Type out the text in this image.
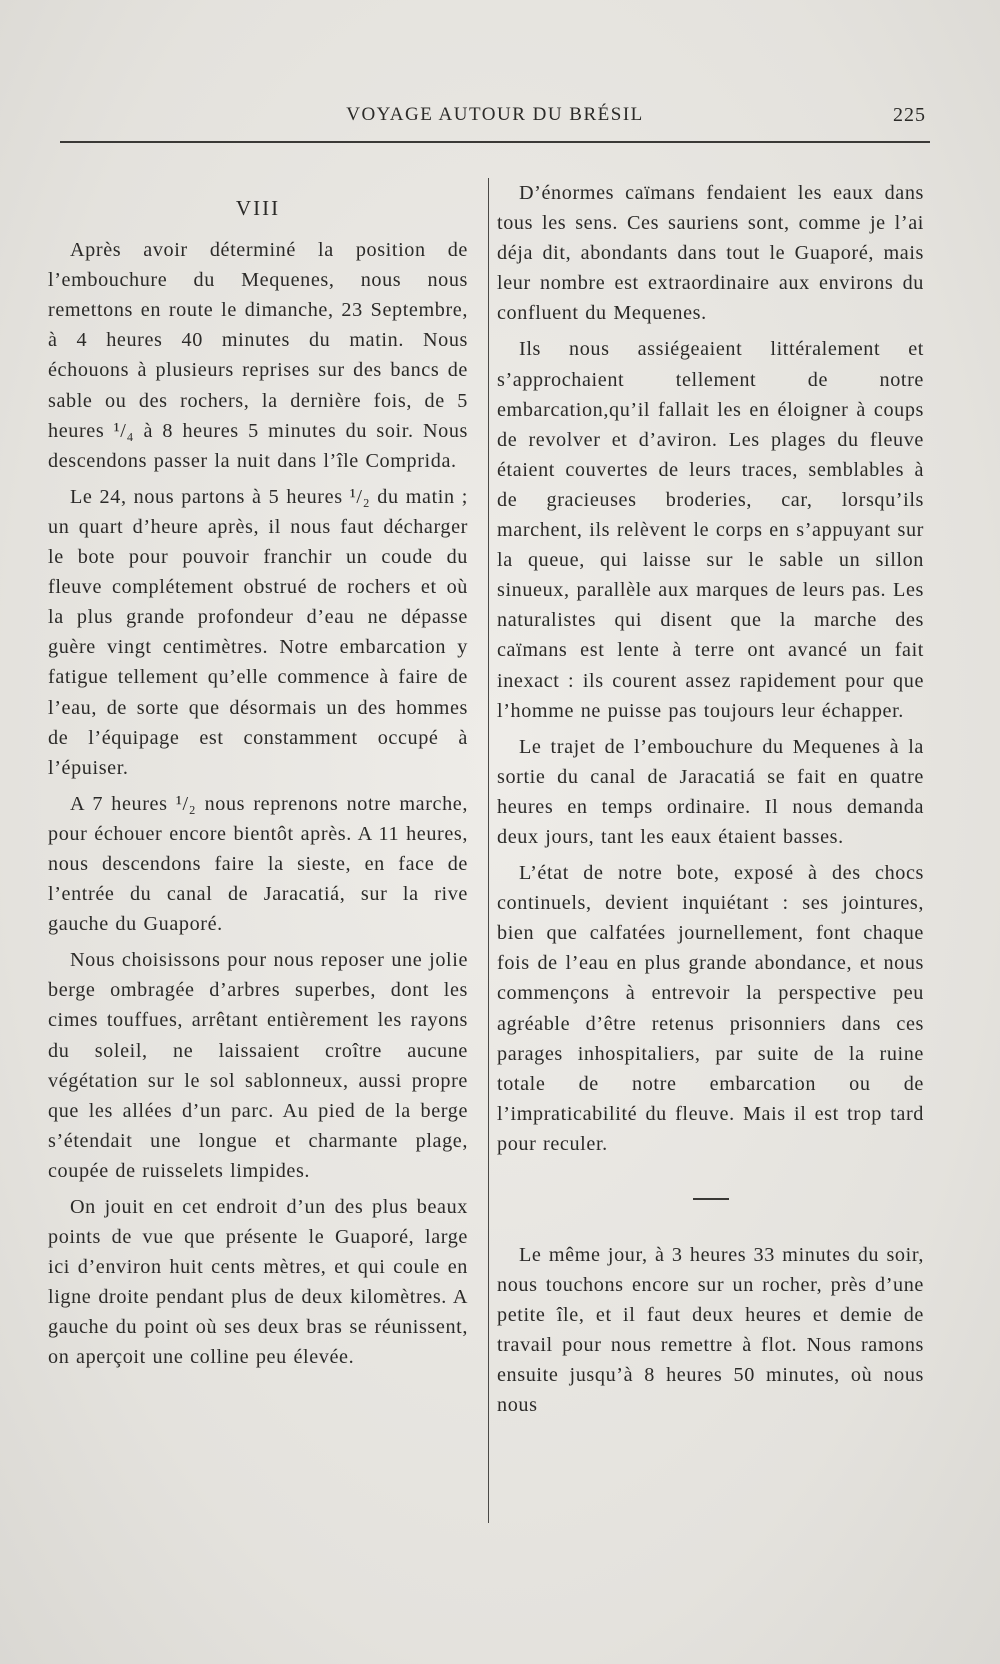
VOYAGE AUTOUR DU BRÉSIL	225
VIII

Après avoir déterminé la position de l’embouchure du Mequenes, nous nous remettons en route le dimanche, 23 Septembre, à 4 heures 40 minutes du matin. Nous échouons à plusieurs reprises sur des bancs de sable ou des rochers, la dernière fois, de 5 heures ¹/₄ à 8 heures 5 minutes du soir. Nous descendons passer la nuit dans l’île Comprida.

Le 24, nous partons à 5 heures ¹/₂ du matin ; un quart d’heure après, il nous faut décharger le bote pour pouvoir franchir un coude du fleuve complétement obstrué de rochers et où la plus grande profondeur d’eau ne dépasse guère vingt centimètres. Notre embarcation y fatigue tellement qu’elle commence à faire de l’eau, de sorte que désormais un des hommes de l’équipage est constamment occupé à l’épuiser.

A 7 heures ¹/₂ nous reprenons notre marche, pour échouer encore bientôt après. A 11 heures, nous descendons faire la sieste, en face de l’entrée du canal de Jaracatiá, sur la rive gauche du Guaporé.

Nous choisissons pour nous reposer une jolie berge ombragée d’arbres superbes, dont les cimes touffues, arrêtant entièrement les rayons du soleil, ne laissaient croître aucune végétation sur le sol sablonneux, aussi propre que les allées d’un parc. Au pied de la berge s’étendait une longue et charmante plage, coupée de ruisselets limpides.

On jouit en cet endroit d’un des plus beaux points de vue que présente le Guaporé, large ici d’environ huit cents mètres, et qui coule en ligne droite pendant plus de deux kilomètres. A gauche du point où ses deux bras se réunissent, on aperçoit une colline peu élevée.

D’énormes caïmans fendaient les eaux dans tous les sens. Ces sauriens sont, comme je l’ai déja dit, abondants dans tout le Guaporé, mais leur nombre est extraordinaire aux environs du confluent du Mequenes.

Ils nous assiégeaient littéralement et s’approchaient tellement de notre embarcation,qu’il fallait les en éloigner à coups de revolver et d’aviron. Les plages du fleuve étaient couvertes de leurs traces, semblables à de gracieuses broderies, car, lorsqu’ils marchent, ils relèvent le corps en s’appuyant sur la queue, qui laisse sur le sable un sillon sinueux, parallèle aux marques de leurs pas. Les naturalistes qui disent que la marche des caïmans est lente à terre ont avancé un fait inexact : ils courent assez rapidement pour que l’homme ne puisse pas toujours leur échapper.

Le trajet de l’embouchure du Mequenes à la sortie du canal de Jaracatiá se fait en quatre heures en temps ordinaire. Il nous demanda deux jours, tant les eaux étaient basses.

L’état de notre bote, exposé à des chocs continuels, devient inquiétant : ses jointures, bien que calfatées journellement, font chaque fois de l’eau en plus grande abondance, et nous commençons à entrevoir la perspective peu agréable d’être retenus prisonniers dans ces parages inhospitaliers, par suite de la ruine totale de notre embarcation ou de l’impraticabilité du fleuve. Mais il est trop tard pour reculer.

Le même jour, à 3 heures 33 minutes du soir, nous touchons encore sur un rocher, près d’une petite île, et il faut deux heures et demie de travail pour nous remettre à flot. Nous ramons ensuite jusqu’à 8 heures 50 minutes, où nous nous
